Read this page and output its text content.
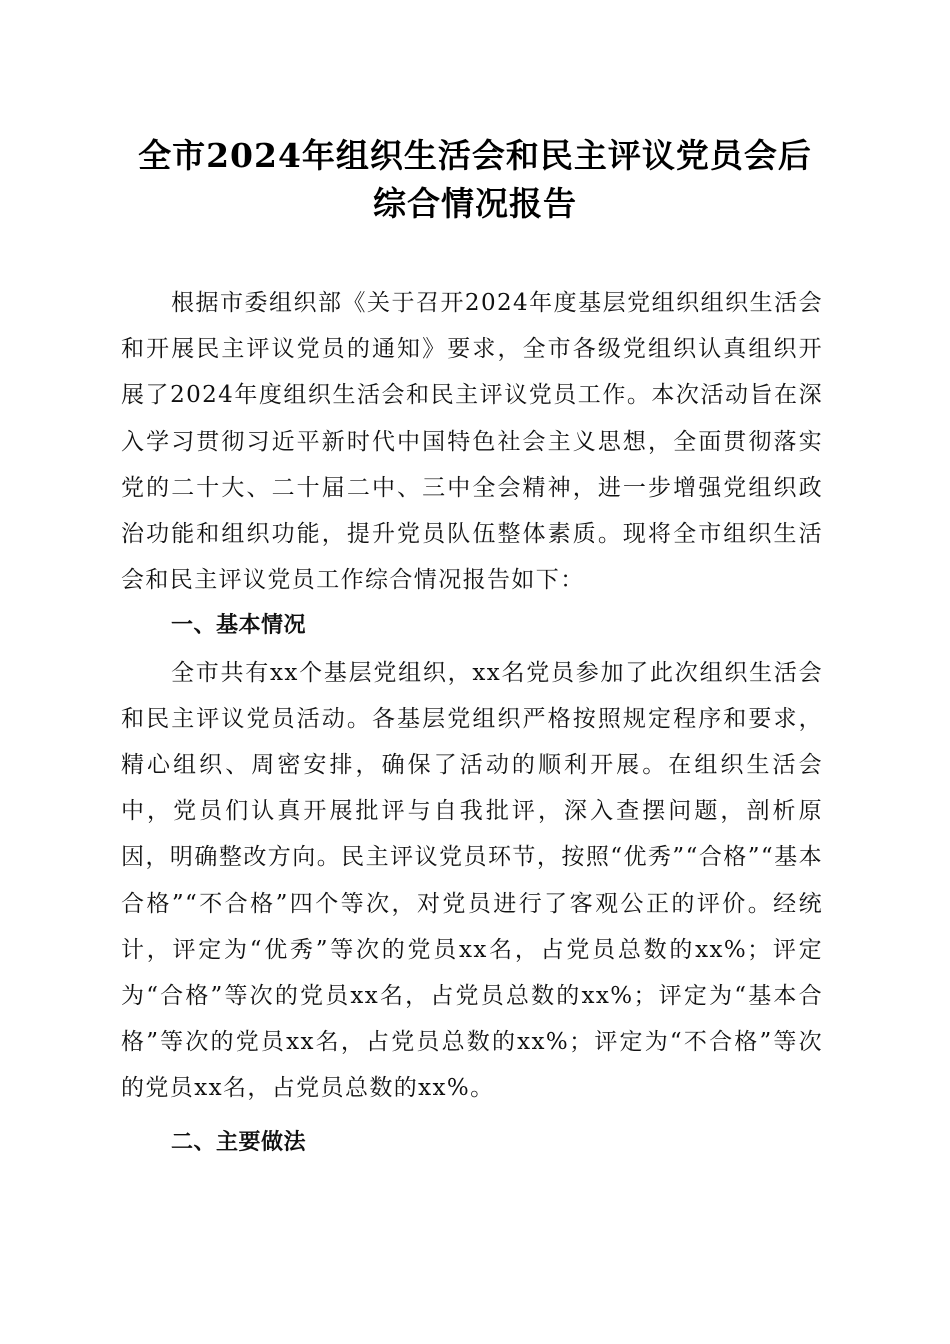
全市2024年组织生活会和民主评议党员会后
综合情况报告

根据市委组织部《关于召开2024年度基层党组织组织生活会和开展民主评议党员的通知》要求，全市各级党组织认真组织开展了2024年度组织生活会和民主评议党员工作。本次活动旨在深入学习贯彻习近平新时代中国特色社会主义思想，全面贯彻落实党的二十大、二十届二中、三中全会精神，进一步增强党组织政治功能和组织功能，提升党员队伍整体素质。现将全市组织生活会和民主评议党员工作综合情况报告如下：

一、基本情况

全市共有xx个基层党组织，xx名党员参加了此次组织生活会和民主评议党员活动。各基层党组织严格按照规定程序和要求，精心组织、周密安排，确保了活动的顺利开展。在组织生活会中，党员们认真开展批评与自我批评，深入查摆问题，剖析原因，明确整改方向。民主评议党员环节，按照“优秀”“合格”“基本合格”“不合格”四个等次，对党员进行了客观公正的评价。经统计，评定为“优秀”等次的党员xx名，占党员总数的xx%；评定为“合格”等次的党员xx名，占党员总数的xx%；评定为“基本合格”等次的党员xx名，占党员总数的xx%；评定为“不合格”等次的党员xx名，占党员总数的xx%。

二、主要做法
